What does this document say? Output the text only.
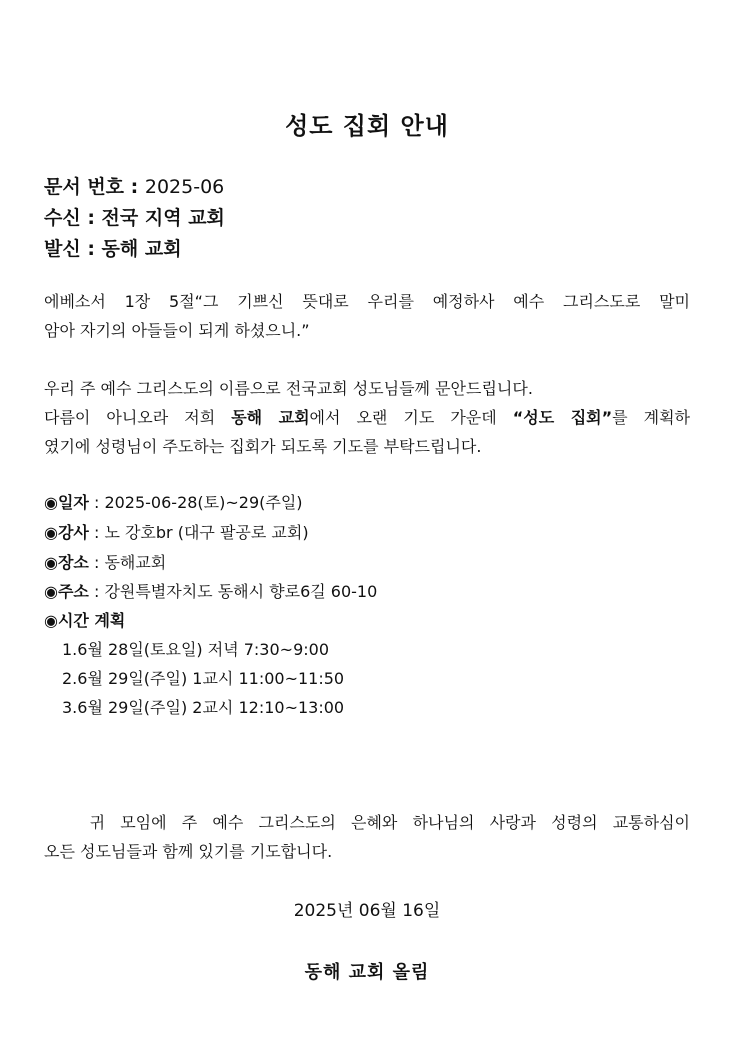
성도 집회 안내
문서 번호 : 2025-06
수신 : 전국 지역 교회
발신 : 동해 교회
에베소서 1장 5절“그 기쁘신 뜻대로 우리를 예정하사 예수 그리스도로 말미
암아 자기의 아들들이 되게 하셨으니.”
우리 주 예수 그리스도의 이름으로 전국교회 성도님들께 문안드립니다.
다름이 아니오라 저희 동해 교회에서 오랜 기도 가운데 “성도 집회”를 계획하
였기에 성령님이 주도하는 집회가 되도록 기도를 부탁드립니다.
◉일자 : 2025-06-28(토)~29(주일)
◉강사 : 노 강호br (대구 팔공로 교회)
◉장소 : 동해교회
◉주소 : 강원특별자치도 동해시 향로6길 60-10
◉시간 계획
1.6월 28일(토요일) 저녁 7:30~9:00
2.6월 29일(주일) 1교시 11:00~11:50
3.6월 29일(주일) 2교시 12:10~13:00
귀 모임에 주 예수 그리스도의 은혜와 하나님의 사랑과 성령의 교통하심이
오든 성도님들과 함께 있기를 기도합니다.
2025년 06월 16일
동해 교회 올림
